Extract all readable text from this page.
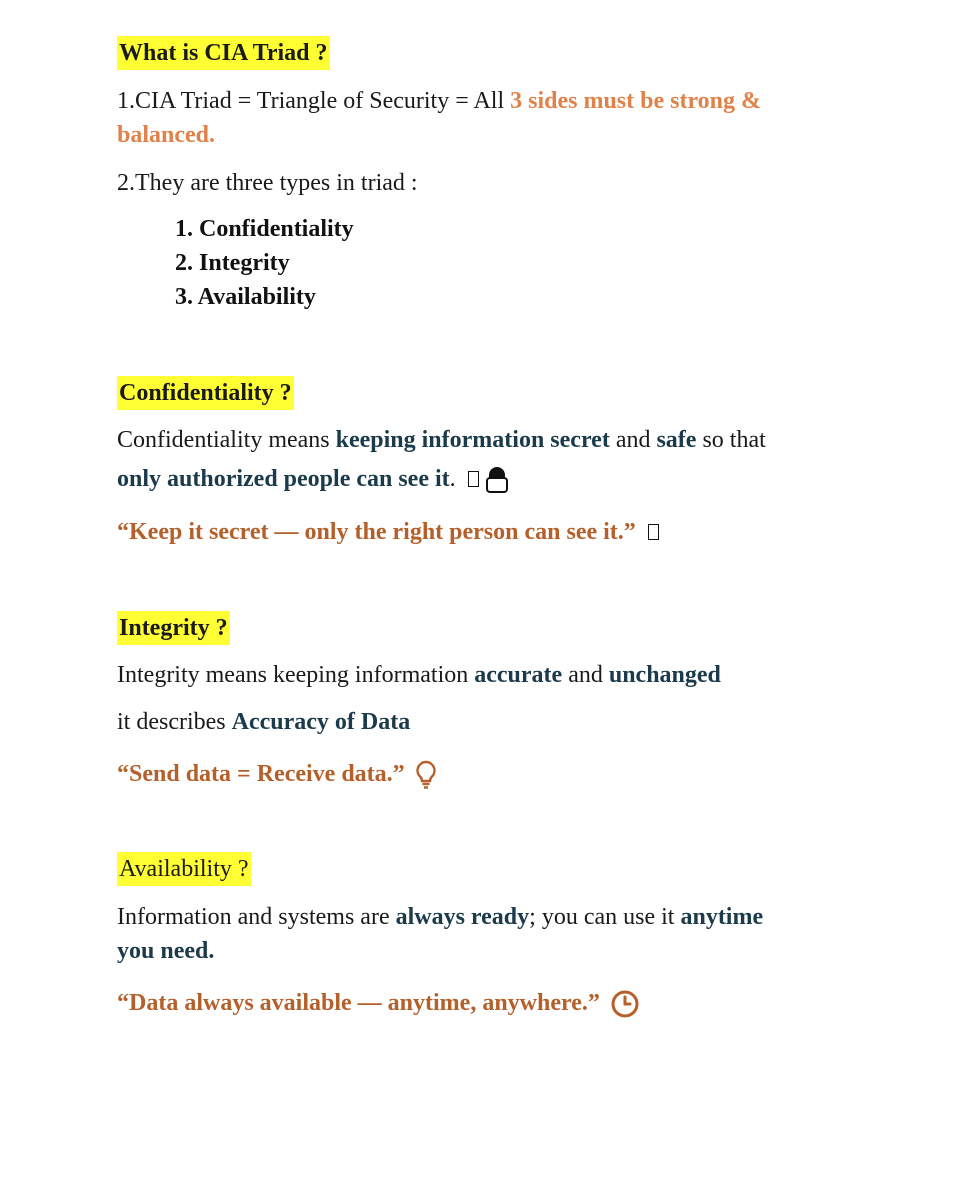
What is CIA Triad ?
1.CIA Triad = Triangle of Security = All 3 sides must be strong & balanced.
2.They are three types in triad :
1. Confidentiality
2. Integrity
3. Availability
Confidentiality ?
Confidentiality means keeping information secret and safe so that
only authorized people can see it.
“Keep it secret — only the right person can see it.”
Integrity ?
Integrity means keeping information accurate and unchanged
it describes Accuracy of Data
“Send data = Receive data.”
Availability ?
Information and systems are always ready; you can use it anytime
you need.
“Data always available — anytime, anywhere.”
